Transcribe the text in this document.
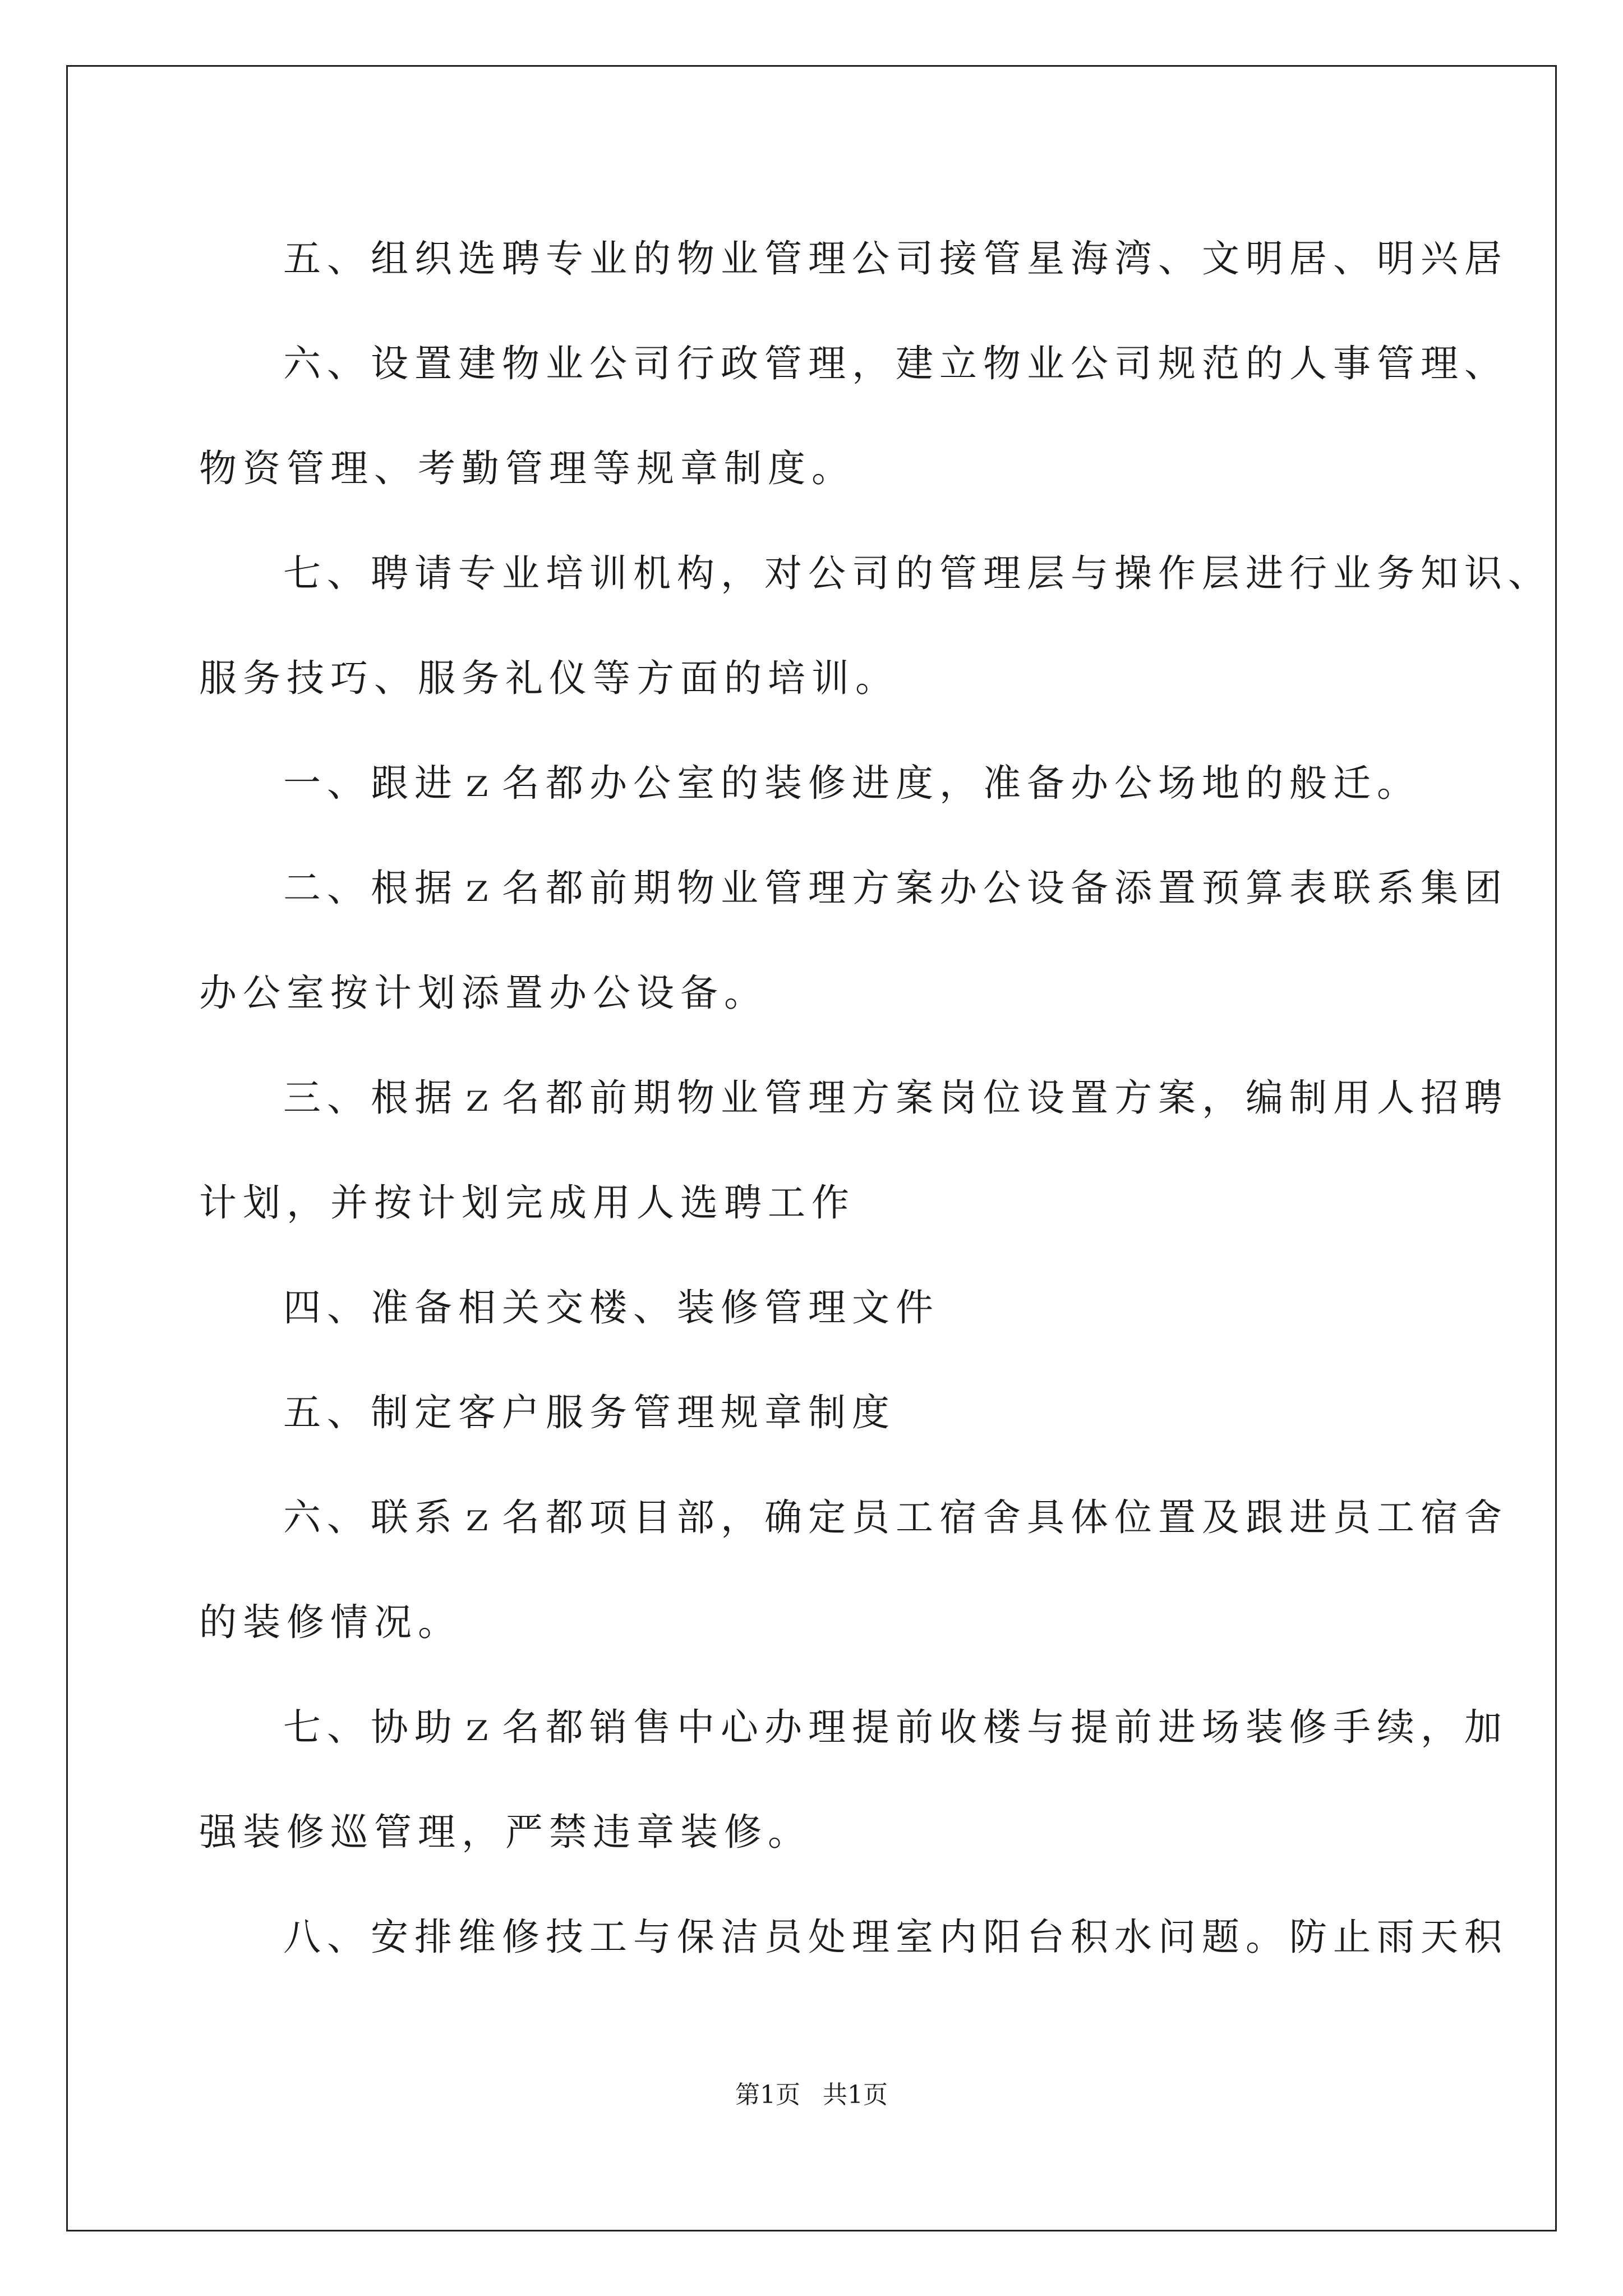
五、组织选聘专业的物业管理公司接管星海湾、文明居、明兴居

六、设置建物业公司行政管理，建立物业公司规范的人事管理、

物资管理、考勤管理等规章制度。

七、聘请专业培训机构，对公司的管理层与操作层进行业务知识、

服务技巧、服务礼仪等方面的培训。

一、跟进ｚ名都办公室的装修进度，准备办公场地的般迁。

二、根据ｚ名都前期物业管理方案办公设备添置预算表联系集团

办公室按计划添置办公设备。

三、根据ｚ名都前期物业管理方案岗位设置方案，编制用人招聘

计划，并按计划完成用人选聘工作

四、准备相关交楼、装修管理文件

五、制定客户服务管理规章制度

六、联系ｚ名都项目部，确定员工宿舍具体位置及跟进员工宿舍

的装修情况。

七、协助ｚ名都销售中心办理提前收楼与提前进场装修手续，加

强装修巡管理，严禁违章装修。

八、安排维修技工与保洁员处理室内阳台积水问题。防止雨天积

第1页 共1页
